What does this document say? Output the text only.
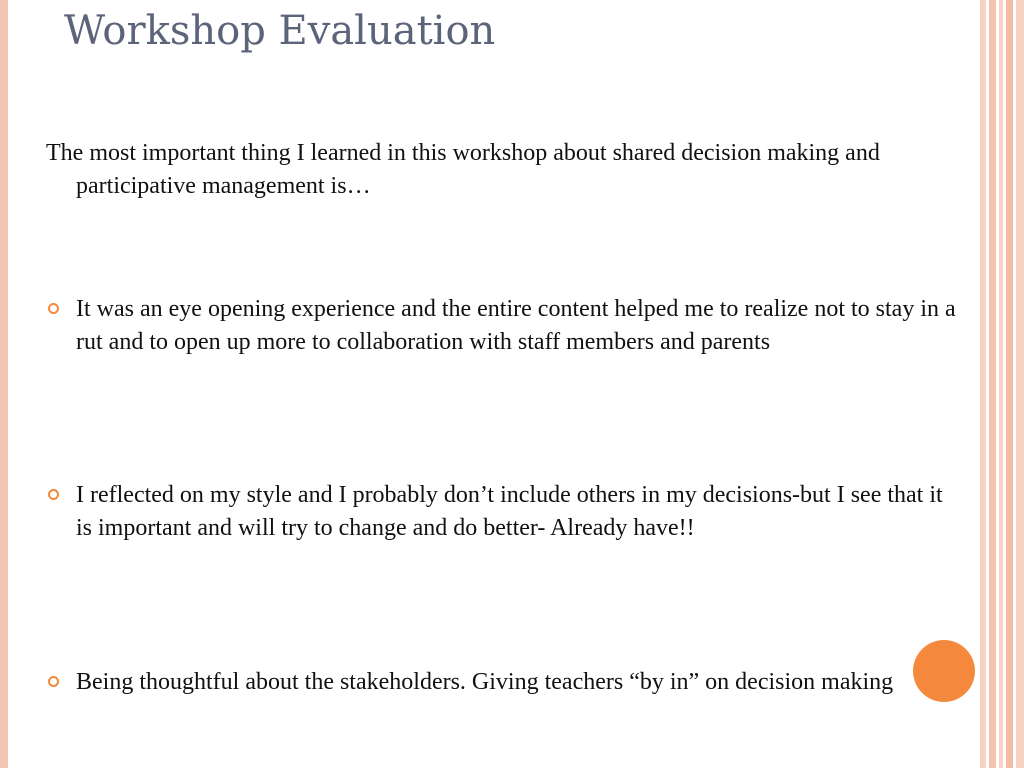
Workshop Evaluation
The most important thing I learned in this workshop about shared decision making and participative management is…
It was an eye opening experience and the entire content helped me to realize not to stay in a rut and to open up more to collaboration with staff members and parents
I reflected on my style and I probably don’t include others in my decisions-but I see that it is important and will try to change and do better- Already have!!
Being thoughtful about the stakeholders. Giving teachers “by in” on decision making
